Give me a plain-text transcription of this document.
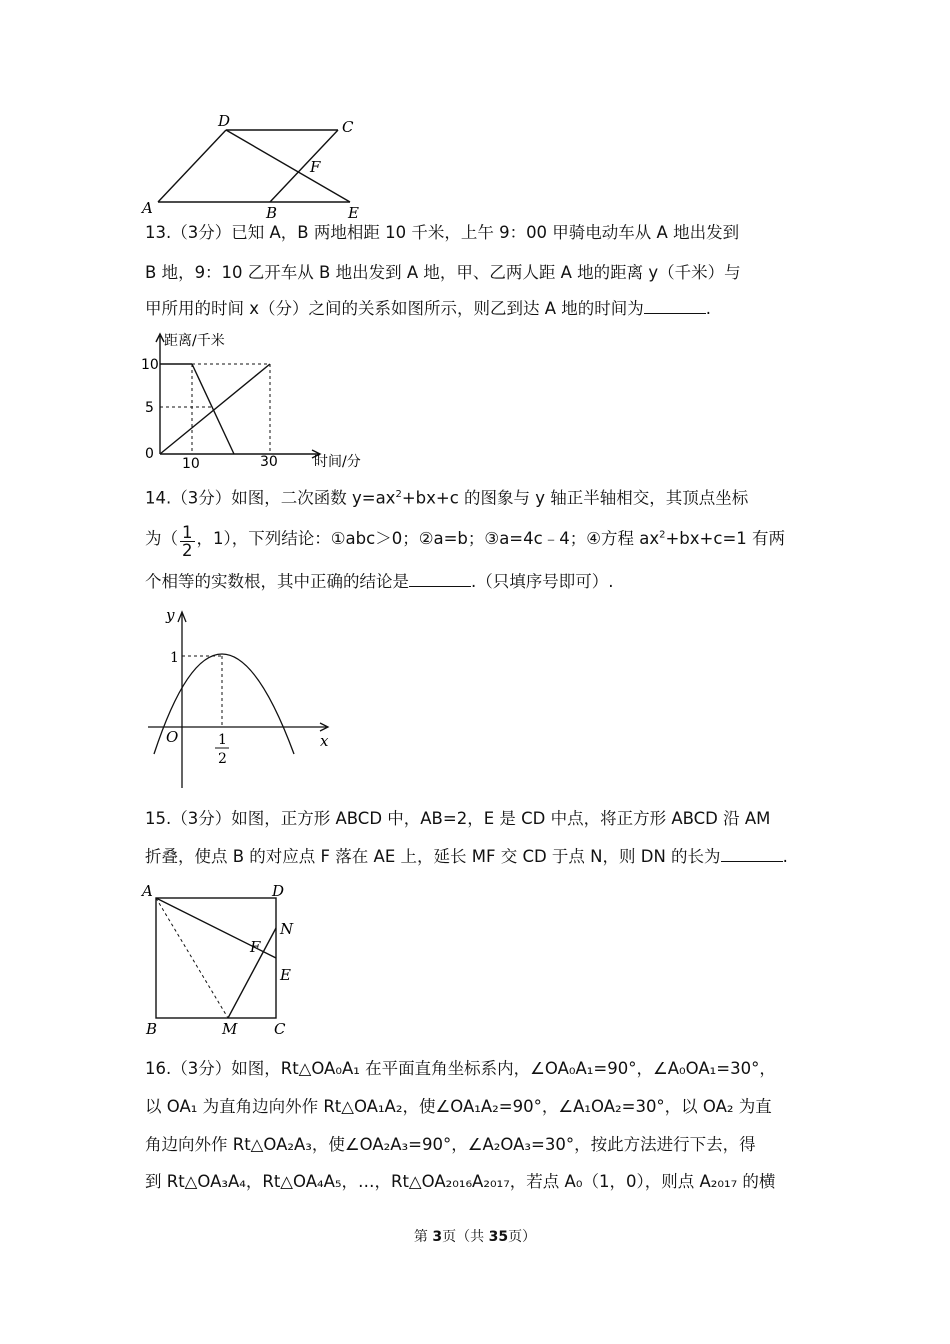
A
D	C
B	E
F
13.（3分）已知 A，B 两地相距 10 千米，上午 9：00 甲骑电动车从 A 地出发到
B 地，9：10 乙开车从 B 地出发到 A 地，甲、乙两人距 A 地的距离 y（千米）与
甲所用的时间 x（分）之间的关系如图所示，则乙到达 A 地的时间为	.
距离/千米
时间/分
10
5
0
10	30
14.（3分）如图，二次函数 $y=ax^2+bx+c$ 的图象与 y 轴正半轴相交，其顶点坐标
为（ $\frac{1}{2}$ ，1），下列结论：①abc＞0；②a=b；③a=4c﹣4；④方程 $ax^2+bx+c=1$ 有两
个相等的实数根，其中正确的结论是	.（只填序号即可）.
y
x
O
1
1
2
15.（3分）如图，正方形 ABCD 中，AB=2，E 是 CD 中点，将正方形 ABCD 沿 AM
折叠，使点 B 的对应点 F 落在 AE 上，延长 MF 交 CD 于点 N，则 DN 的长为	.
A	D
B	C
M
N
E
F
16.（3分）如图，Rt△OA₀A₁ 在平面直角坐标系内，∠OA₀A₁=90°，∠A₀OA₁=30°，
以 OA₁ 为直角边向外作 Rt△OA₁A₂，使∠OA₁A₂=90°，∠A₁OA₂=30°，以 OA₂ 为直
角边向外作 Rt△OA₂A₃，使∠OA₂A₃=90°，∠A₂OA₃=30°，按此方法进行下去，得
到 Rt△OA₃A₄，Rt△OA₄A₅，…，Rt△OA₂₀₁₆A₂₀₁₇，若点 A₀（1，0），则点 A₂₀₁₇ 的横
第 3页（共 35页）
